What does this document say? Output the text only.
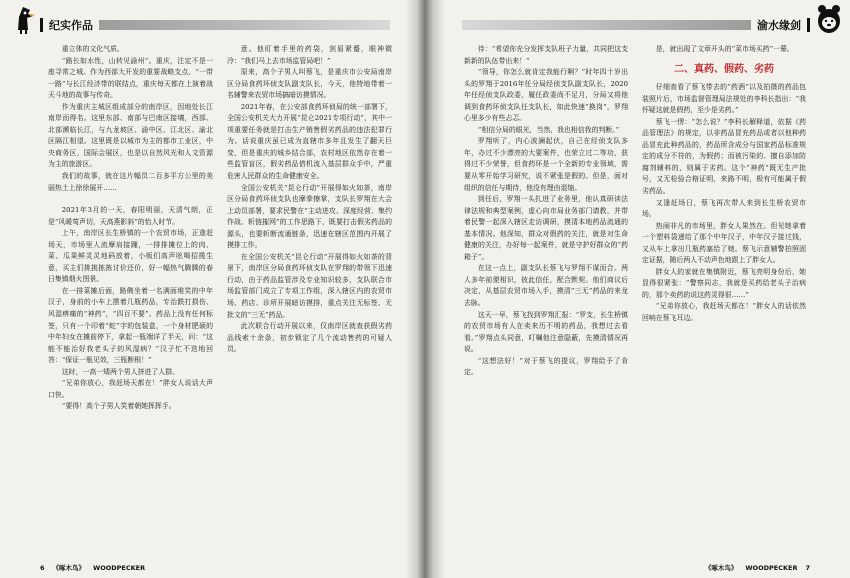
纪实作品

重立体的文化气质。

“路长如水性，山转见渝州”。重庆，注定不是一座寻常之城。作为西部大开发的重要战略支点、“一带一路”与长江经济带的联结点，重庆每天都在上演着战天斗地的故事与传奇。

作为重庆主城区组成部分的南岸区，因地处长江南岸而得名。这里东部、南部与巴南区接壤，西部、北部濒临长江，与九龙坡区、渝中区、江北区、渝北区隔江相望。这里既是以城市为主的都市工业区，中央商务区，国际会展区，也是以自然风光和人文资源为主的旅游区。

我们的故事，就在这片幅员二百多平方公里的美丽热土上徐徐展开……

2021年3月的一天，春阳明丽，天清气朗，正是“风暖莺声切，天高燕影斜”的怡人时节。

上午，南岸区长生桥镇的一个农贸市场，正逢赶场天，市场里人流摩肩接踵，一排排摊位上的肉、菜、瓜果鲜灵灵地码放着，小贩们高声吆喝招揽生意，买主们挑挑拣拣讨价还价，好一幅热气腾腾的春日集镇烟火图景。

在一排菜摊后面，路侧坐着一名满面堆笑的中年汉子，身前的小车上摆着几瓶药品，专治跌打损伤、风湿痹痛的“神药”，“四百不要”。药品上没有任何标签，只有一个印着“蛇”字的包装盒，一个身材肥硕的中年妇女在摊前停下，拿起一瓶端详了半天，问：“这能不能治好我老头子的风湿病？”汉子忙不迭地回答：“保证一瓶见效，三瓶断根！”

这时，一高一矮两个男人挤进了人群。

“兄弟你放心，我赶场天都在！”胖女人说话大声口快。

“要得！高个子男人笑着朝她挥挥手。

意。他盯着手里的药袋，剑眉紧蹙，眼神微冷：“我们马上去市场监管局吧！”

原来，高个子男人叫蔡飞，是重庆市公安局南岸区分局食药环侦支队副支队长，今天，他特地带着一名辅警来农贸市场搞暗访摸情况。

2021年春，在公安部食药环侦局的统一部署下，全国公安机关大力开展“昆仑2021专项行动”，其中一项重要任务就是打击生产销售假劣药品的违法犯罪行为。话说重庆虽已成为直辖市多年且发生了翻天巨变，但是重庆的城乡结合部，农村地区依然存在着一些监管盲区，假劣药品借机流入基层群众手中，严重危害人民群众的生命健康安全。

全国公安机关“昆仑行动”开展得如火如荼，南岸区分局食药环侦支队也摩拳擦掌，支队长罗翔在大会上动员部署，要求民警在“主动进攻、深度经营、集约作战、斩链摧网”的工作思路下，既要打击假劣药品的源头，也要斩断流通链条，迅速在辖区范围内开展了摸排工作。

在全国公安机关“昆仑行动”开展得如火如荼的背景下，南岸区分局食药环侦支队在罗翔的带领下迅速行动，由于药品监管涉及专业知识较多，支队联合市场监管部门成立了专项工作组，深入辖区内的农贸市场、药店、诊所开展暗访摸排，重点关注无标签、无批文的“三无”药品。

此次联合行动开展以来，仅南岸区就查获假劣药品线索十余条，初步锁定了几个流动售药的可疑人员。

6 《啄木鸟》 WOODPECKER
渝水缘剑

待：“希望你充分发挥支队班子力量，共同把这支新新的队伍带出来！”

“领导，你怎么就肯定我能行啊？”时年四十岁出头的罗翔于2016年任分局经侦支队副支队长，2020年任经侦支队政委，履任政委尚不足月，分局又将他调到食药环侦支队任支队长，如此快速“换岗”，罗翔心里多少有些忐忑。

“相信分局的眼光，当然，我也相信我的判断。”

罗翔听了，内心波澜起伏，自己在经侦支队多年，办过不少漂亮的大要案件，也荣立过二等功，获得过不少荣誉，但食药环是一个全新的专业领域，需要从零开始学习研究，说不紧张是假的。但是，面对组织的信任与期待，他没有理由退缩。

到任后，罗翔一头扎进了业务里，他认真研读法律法规和典型案例，虚心向市局业务部门请教，并带着民警一起深入辖区走访调研，摸清本地药品流通的基本情况。他深知，群众对假药的关注，就是对生命健康的关注，办好每一起案件，就是守护好群众的“药箱子”。

在这一点上，副支队长蔡飞与罗翔不谋而合。两人多年前便相识，彼此信任，配合默契。他们商议后决定，从基层农贸市场入手，摸清“三无”药品的来龙去脉。

这天一早，蔡飞找到罗翔汇报：“罗支，长生桥镇的农贸市场有人在卖来历不明的药品，我想过去看看。”罗翔点头同意，叮嘱他注意隐蔽，先摸清情况再说。

“这想法好！”对于蔡飞的提议，罗翔给予了肯定。

是，就出现了文章开头的“菜市场买药”一幕。

二、真药、假药、劣药

仔细查看了蔡飞带去的“药酒”以及拍摄的药品包装照片后，市场监督管理局法规处的李科长指出：“我怀疑这就是假药，至少是劣药。”

蔡飞一愣：“怎么说？”李科长解释道，依据《药品管理法》的规定，以非药品冒充药品或者以他种药品冒充此种药品的，药品所含成分与国家药品标准规定的成分不符的，为假药；而被污染的、擅自添加防腐剂辅料的，则属于劣药。这个“神药”既无生产批号，又无检验合格证明，来路不明，极有可能属于假劣药品。

又逢赶场日，蔡飞再次带人来到长生桥农贸市场。

热闹非凡的市场里，胖女人果然在。但见她拿着一个塑料袋递给了那个中年汉子，中年汉子接过钱，又从车上拿出几瓶药塞给了她。蔡飞示意辅警拍照固定证据，随后两人不动声色地跟上了胖女人。

胖女人的家就在集镇附近，蔡飞亮明身份后，她显得很紧张：“警察同志，我就是买药给老头子治病的，那个卖药的说这药灵得很……”

“兄弟你放心，我赶场天都在！”胖女人的话依然回响在蔡飞耳边。

《啄木鸟》 WOODPECKER 7
